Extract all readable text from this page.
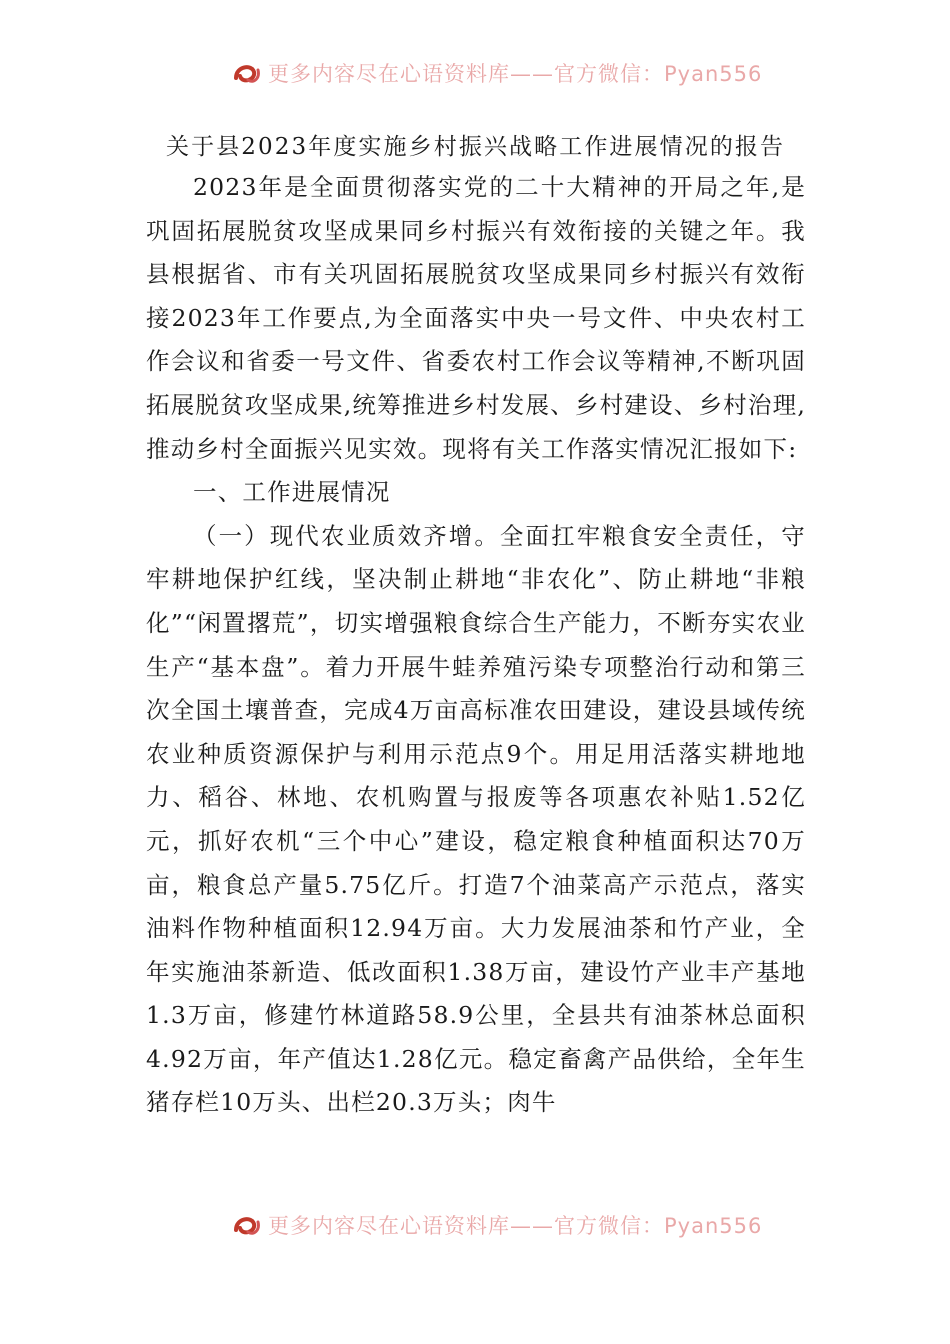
更多内容尽在心语资料库——官方微信：Pyan556
关于县2023年度实施乡村振兴战略工作进展情况的报告

2023年是全面贯彻落实党的二十大精神的开局之年,是巩固拓展脱贫攻坚成果同乡村振兴有效衔接的关键之年。我县根据省、市有关巩固拓展脱贫攻坚成果同乡村振兴有效衔接2023年工作要点,为全面落实中央一号文件、中央农村工作会议和省委一号文件、省委农村工作会议等精神,不断巩固拓展脱贫攻坚成果,统筹推进乡村发展、乡村建设、乡村治理,推动乡村全面振兴见实效。现将有关工作落实情况汇报如下:

一、工作进展情况

（一）现代农业质效齐增。全面扛牢粮食安全责任，守牢耕地保护红线，坚决制止耕地“非农化”、防止耕地“非粮化”“闲置撂荒”，切实增强粮食综合生产能力，不断夯实农业生产“基本盘”。着力开展牛蛙养殖污染专项整治行动和第三次全国土壤普查，完成4万亩高标准农田建设，建设县域传统农业种质资源保护与利用示范点9个。用足用活落实耕地地力、稻谷、林地、农机购置与报废等各项惠农补贴1.52亿元，抓好农机“三个中心”建设，稳定粮食种植面积达70万亩，粮食总产量5.75亿斤。打造7个油菜高产示范点，落实油料作物种植面积12.94万亩。大力发展油茶和竹产业，全年实施油茶新造、低改面积1.38万亩，建设竹产业丰产基地1.3万亩，修建竹林道路58.9公里，全县共有油茶林总面积4.92万亩，年产值达1.28亿元。稳定畜禽产品供给，全年生猪存栏10万头、出栏20.3万头；肉牛

更多内容尽在心语资料库——官方微信：Pyan556
